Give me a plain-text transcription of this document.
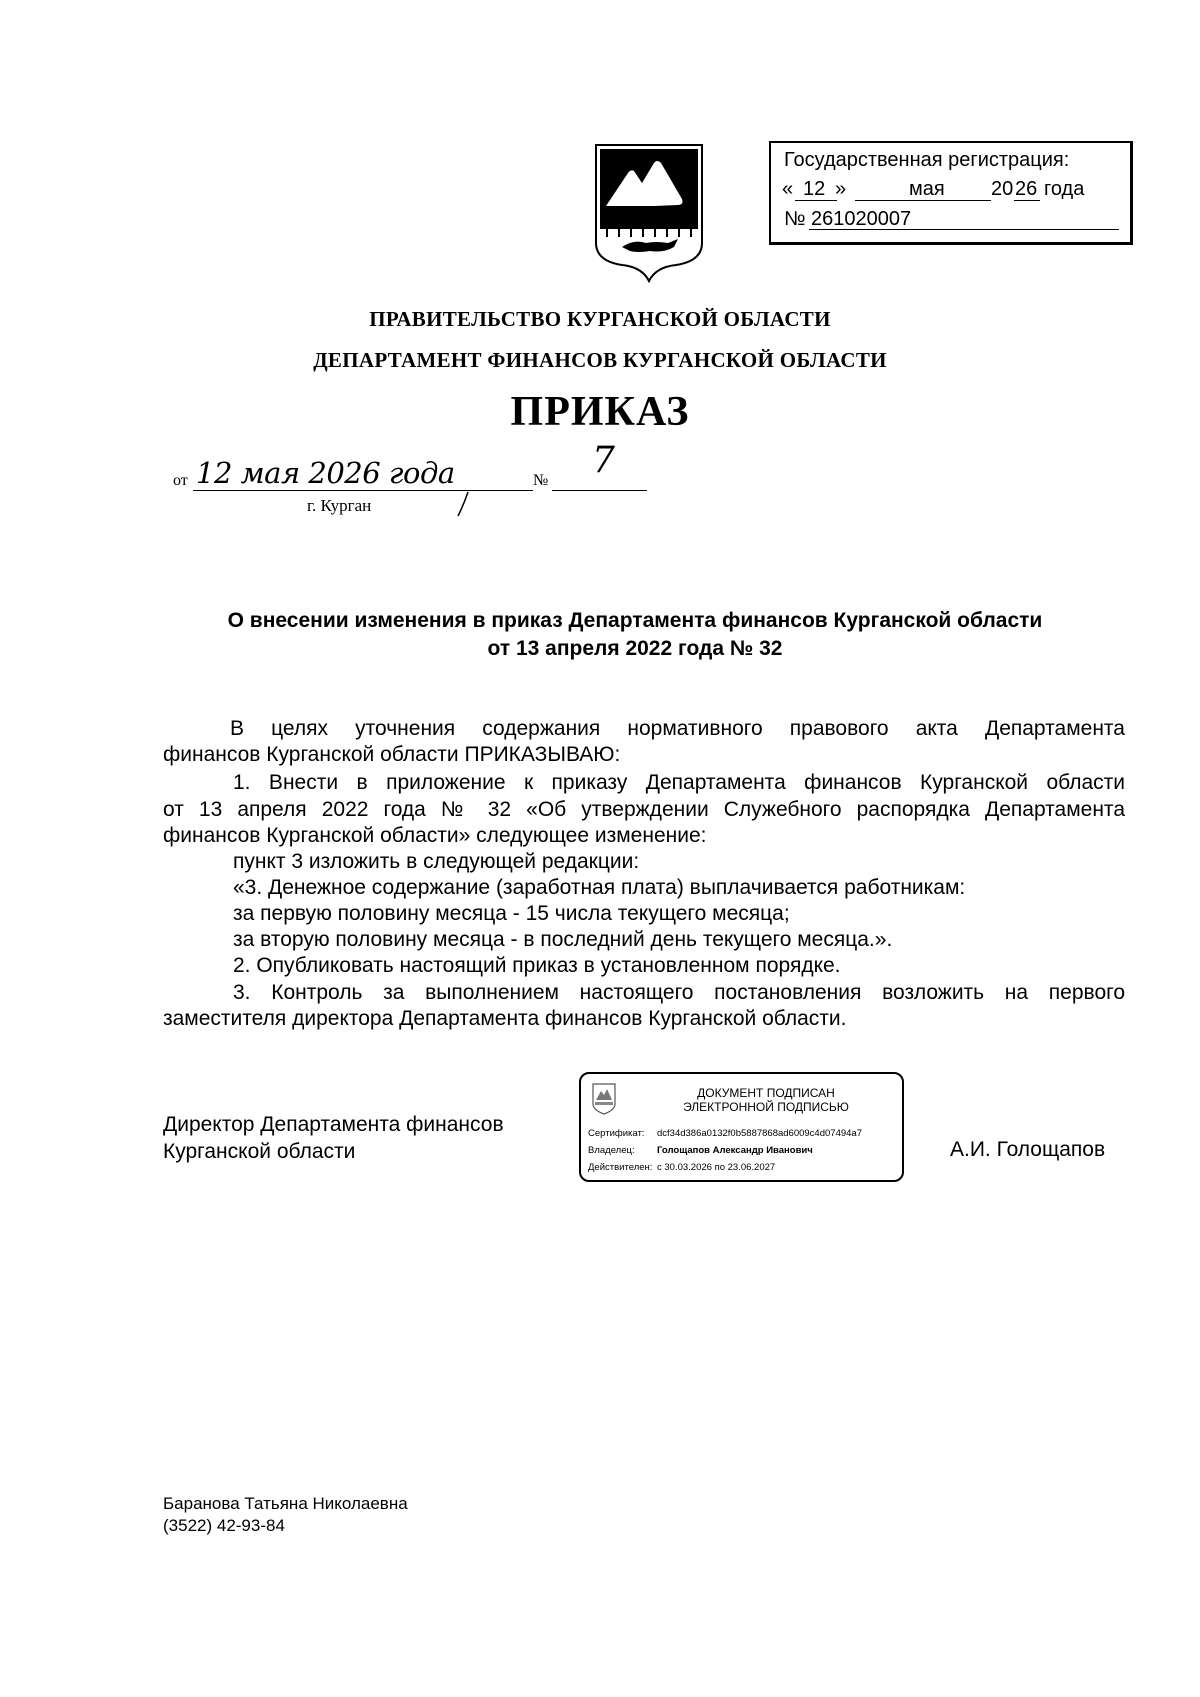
Государственная регистрация:
« 12 »	мая 20 26 года
№ 261020007
ПРАВИТЕЛЬСТВО КУРГАНСКОЙ ОБЛАСТИ
ДЕПАРТАМЕНТ ФИНАНСОВ КУРГАНСКОЙ ОБЛАСТИ
ПРИКАЗ
от 12 мая 2026 года	№ 7
г. Курган
О внесении изменения в приказ Департамента финансов Курганской области
от 13 апреля 2022 года № 32
В целях уточнения содержания нормативного правового акта Департамента
финансов Курганской области ПРИКАЗЫВАЮ:
1. Внести в приложение к приказу Департамента финансов Курганской области
от 13 апреля 2022 года № 32 «Об утверждении Служебного распорядка Департамента
финансов Курганской области» следующее изменение:
пункт 3 изложить в следующей редакции:
«3. Денежное содержание (заработная плата) выплачивается работникам:
за первую половину месяца - 15 числа текущего месяца;
за вторую половину месяца - в последний день текущего месяца.».
2. Опубликовать настоящий приказ в установленном порядке.
3. Контроль за выполнением настоящего постановления возложить на первого
заместителя директора Департамента финансов Курганской области.
Директор Департамента финансов
Курганской области	А.И. Голощапов
ДОКУМЕНТ ПОДПИСАН
ЭЛЕКТРОННОЙ ПОДПИСЬЮ
Сертификат: dcf34d386a0132f0b5887868ad6009c4d07494a7
Владелец: Голощапов Александр Иванович
Действителен: с 30.03.2026 по 23.06.2027
Баранова Татьяна Николаевна
(3522) 42-93-84
